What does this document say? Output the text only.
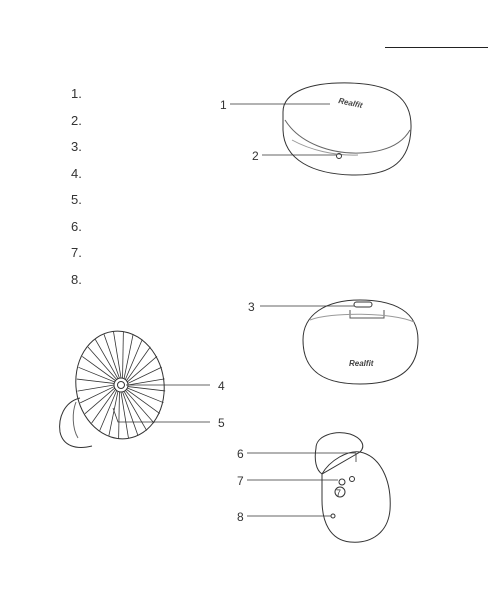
1.
2.
3.
4.
5.
6.
7.
8.
Realfit
1
2
Realfit
3
4
5
7
6
7
8
